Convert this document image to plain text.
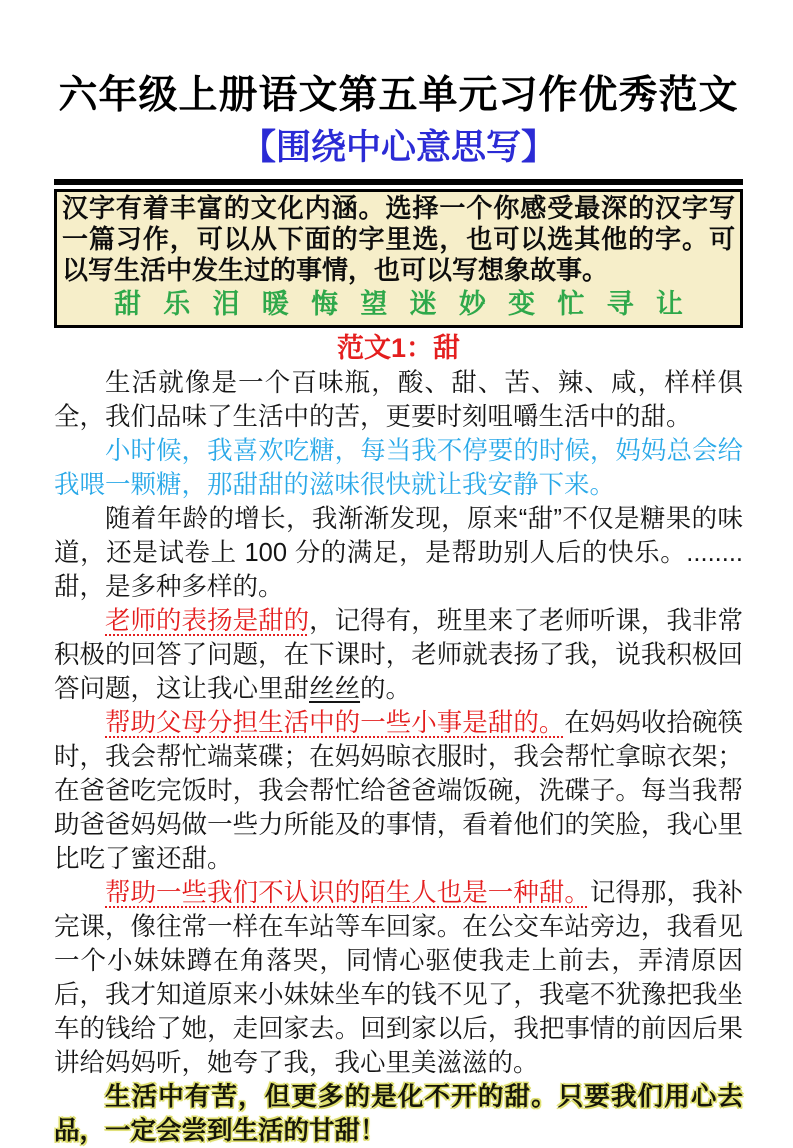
六年级上册语文第五单元习作优秀范文
【围绕中心意思写】

汉字有着丰富的文化内涵。选择一个你感受最深的汉字写一篇习作，可以从下面的字里选，也可以选其他的字。可以写生活中发生过的事情，也可以写想象故事。

甜 乐 泪 暖 悔 望 迷 妙 变 忙 寻 让
范文1：甜

生活就像是一个百味瓶，酸、甜、苦、辣、咸，样样俱全，我们品味了生活中的苦，更要时刻咀嚼生活中的甜。

小时候，我喜欢吃糖，每当我不停要的时候，妈妈总会给我喂一颗糖，那甜甜的滋味很快就让我安静下来。

随着年龄的增长，我渐渐发现，原来“甜”不仅是糖果的味道，还是试卷上 100 分的满足，是帮助别人后的快乐。........甜，是多种多样的。

老师的表扬是甜的，记得有，班里来了老师听课，我非常积极的回答了问题，在下课时，老师就表扬了我，说我积极回答问题，这让我心里甜丝丝的。

帮助父母分担生活中的一些小事是甜的。在妈妈收拾碗筷时，我会帮忙端菜碟；在妈妈晾衣服时，我会帮忙拿晾衣架；在爸爸吃完饭时，我会帮忙给爸爸端饭碗，洗碟子。每当我帮助爸爸妈妈做一些力所能及的事情，看着他们的笑脸，我心里比吃了蜜还甜。

帮助一些我们不认识的陌生人也是一种甜。记得那，我补完课，像往常一样在车站等车回家。在公交车站旁边，我看见一个小妹妹蹲在角落哭，同情心驱使我走上前去，弄清原因后，我才知道原来小妹妹坐车的钱不见了，我毫不犹豫把我坐车的钱给了她，走回家去。回到家以后，我把事情的前因后果讲给妈妈听，她夸了我，我心里美滋滋的。

生活中有苦，但更多的是化不开的甜。只要我们用心去品，一定会尝到生活的甘甜！
